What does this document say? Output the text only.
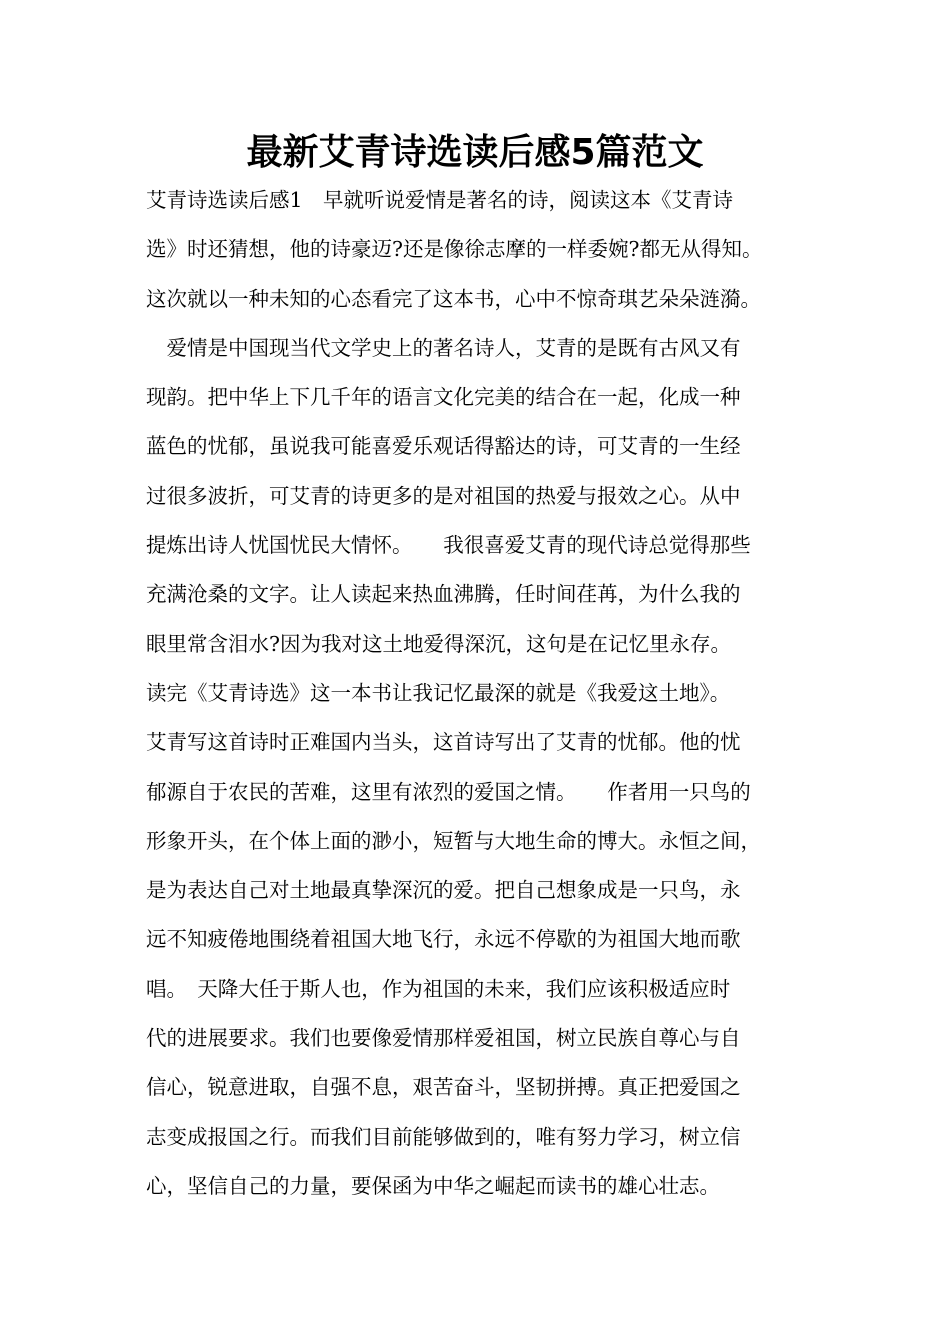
最新艾青诗选读后感5篇范文
艾青诗选读后感1　早就听说爱情是著名的诗，阅读这本《艾青诗
选》时还猜想，他的诗豪迈?还是像徐志摩的一样委婉?都无从得知。
这次就以一种未知的心态看完了这本书，心中不惊奇琪艺朵朵涟漪。
　爱情是中国现当代文学史上的著名诗人，艾青的是既有古风又有
现韵。把中华上下几千年的语言文化完美的结合在一起，化成一种
蓝色的忧郁，虽说我可能喜爱乐观话得豁达的诗，可艾青的一生经
过很多波折，可艾青的诗更多的是对祖国的热爱与报效之心。从中
提炼出诗人忧国忧民大情怀。　　我很喜爱艾青的现代诗总觉得那些
充满沧桑的文字。让人读起来热血沸腾，任时间荏苒，为什么我的
眼里常含泪水?因为我对这土地爱得深沉，这句是在记忆里永存。
读完《艾青诗选》这一本书让我记忆最深的就是《我爱这土地》。
艾青写这首诗时正难国内当头，这首诗写出了艾青的忧郁。他的忧
郁源自于农民的苦难，这里有浓烈的爱国之情。　　作者用一只鸟的
形象开头，在个体上面的渺小，短暂与大地生命的博大。永恒之间，
是为表达自己对土地最真挚深沉的爱。把自己想象成是一只鸟，永
远不知疲倦地围绕着祖国大地飞行，永远不停歇的为祖国大地而歌
唱。　天降大任于斯人也，作为祖国的未来，我们应该积极适应时
代的进展要求。我们也要像爱情那样爱祖国，树立民族自尊心与自
信心，锐意进取，自强不息，艰苦奋斗，坚韧拼搏。真正把爱国之
志变成报国之行。而我们目前能够做到的，唯有努力学习，树立信
心，坚信自己的力量，要保函为中华之崛起而读书的雄心壮志。
